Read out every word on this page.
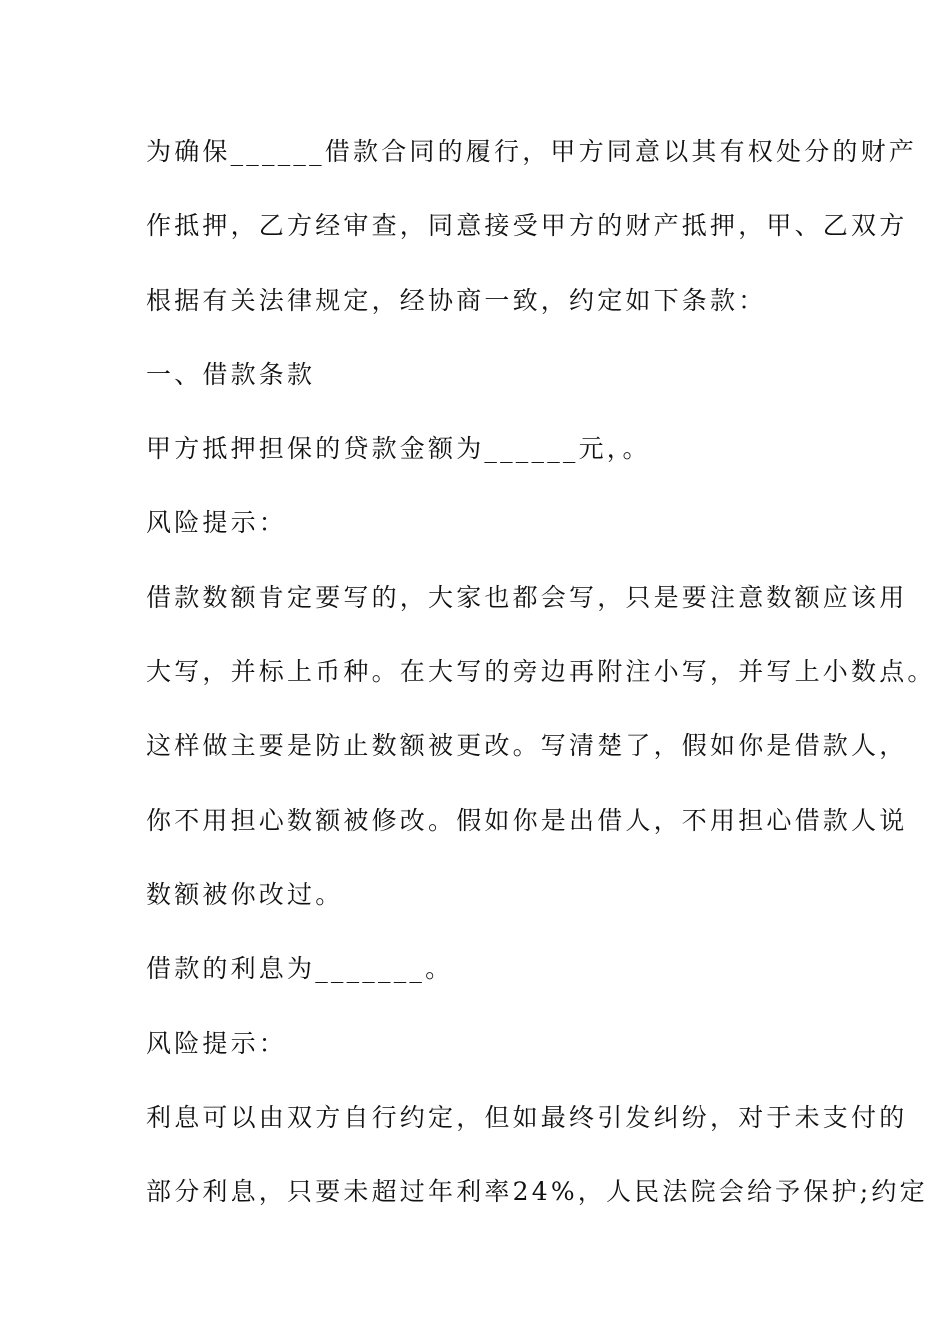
为确保______借款合同的履行，甲方同意以其有权处分的财产
作抵押，乙方经审查，同意接受甲方的财产抵押，甲、乙双方
根据有关法律规定，经协商一致，约定如下条款：
一、借款条款
甲方抵押担保的贷款金额为______元，。
风险提示：
借款数额肯定要写的，大家也都会写，只是要注意数额应该用
大写，并标上币种。在大写的旁边再附注小写，并写上小数点。
这样做主要是防止数额被更改。写清楚了，假如你是借款人，
你不用担心数额被修改。假如你是出借人，不用担心借款人说
数额被你改过。
借款的利息为_______。
风险提示：
利息可以由双方自行约定，但如最终引发纠纷，对于未支付的
部分利息，只要未超过年利率24%，人民法院会给予保护;约定
